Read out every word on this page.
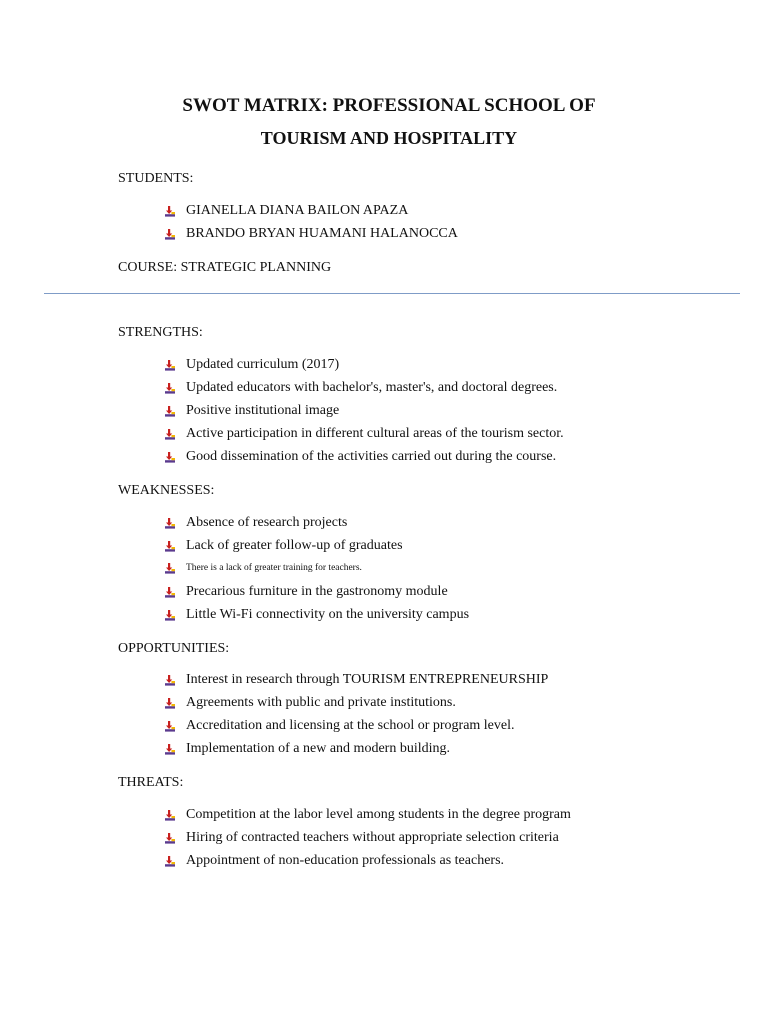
SWOT MATRIX: PROFESSIONAL SCHOOL OF
TOURISM AND HOSPITALITY
STUDENTS:
GIANELLA DIANA BAILON APAZA
BRANDO BRYAN HUAMANI HALANOCCA
COURSE: STRATEGIC PLANNING
STRENGTHS:
Updated curriculum (2017)
Updated educators with bachelor's, master's, and doctoral degrees.
Positive institutional image
Active participation in different cultural areas of the tourism sector.
Good dissemination of the activities carried out during the course.
WEAKNESSES:
Absence of research projects
Lack of greater follow-up of graduates
There is a lack of greater training for teachers.
Precarious furniture in the gastronomy module
Little Wi-Fi connectivity on the university campus
OPPORTUNITIES:
Interest in research through TOURISM ENTREPRENEURSHIP
Agreements with public and private institutions.
Accreditation and licensing at the school or program level.
Implementation of a new and modern building.
THREATS:
Competition at the labor level among students in the degree program
Hiring of contracted teachers without appropriate selection criteria
Appointment of non-education professionals as teachers.
